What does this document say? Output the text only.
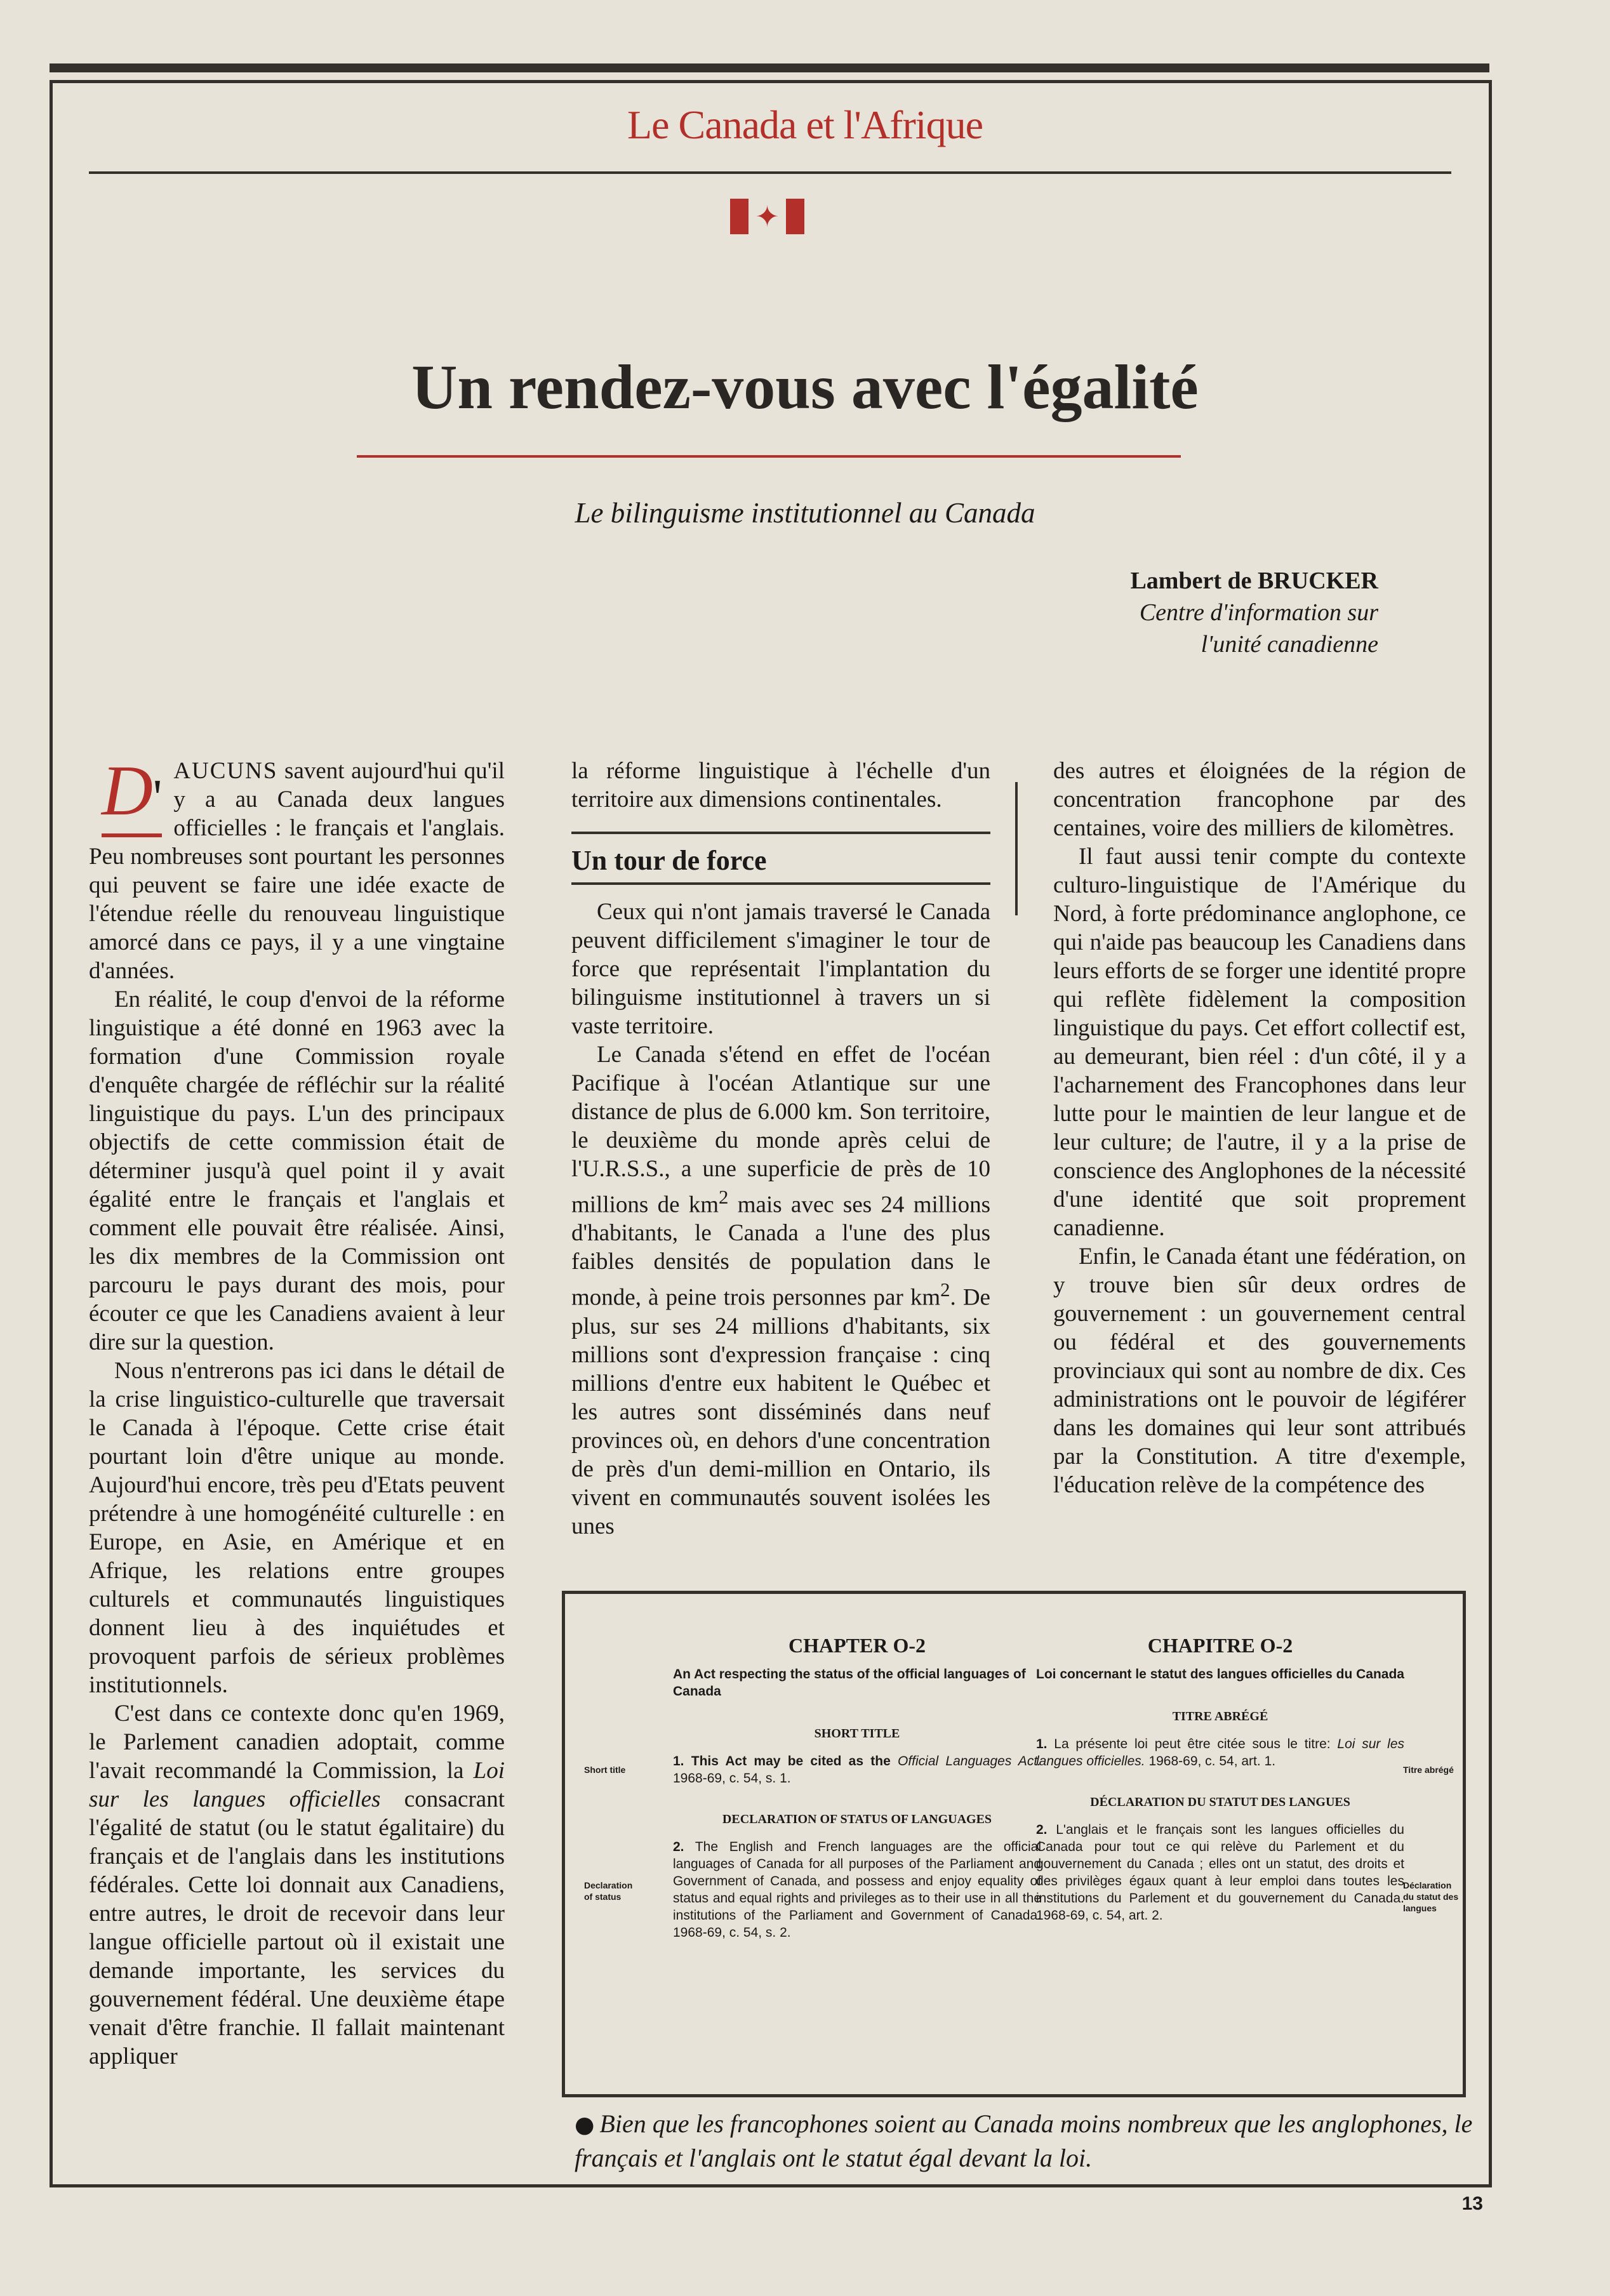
Le Canada et l'Afrique
✦
Un rendez-vous avec l'égalité
Le bilinguisme institutionnel au Canada
Lambert de BRUCKER
Centre d'information sur
l'unité canadienne

D' AUCUNS savent aujourd'hui qu'il y a au Canada deux langues officielles : le français et l'anglais. Peu nombreuses sont pourtant les personnes qui peuvent se faire une idée exacte de l'étendue réelle du renouveau linguistique amorcé dans ce pays, il y a une vingtaine d'années.

En réalité, le coup d'envoi de la réforme linguistique a été donné en 1963 avec la formation d'une Commission royale d'enquête chargée de réfléchir sur la réalité linguistique du pays. L'un des principaux objectifs de cette commission était de déterminer jusqu'à quel point il y avait égalité entre le français et l'anglais et comment elle pouvait être réalisée. Ainsi, les dix membres de la Commission ont parcouru le pays durant des mois, pour écouter ce que les Canadiens avaient à leur dire sur la question.

Nous n'entrerons pas ici dans le détail de la crise linguistico-culturelle que traversait le Canada à l'époque. Cette crise était pourtant loin d'être unique au monde. Aujourd'hui encore, très peu d'Etats peuvent prétendre à une homogénéité culturelle : en Europe, en Asie, en Amérique et en Afrique, les relations entre groupes culturels et communautés linguistiques donnent lieu à des inquiétudes et provoquent parfois de sérieux problèmes institutionnels.

C'est dans ce contexte donc qu'en 1969, le Parlement canadien adoptait, comme l'avait recommandé la Commission, la Loi sur les langues officielles consacrant l'égalité de statut (ou le statut égalitaire) du français et de l'anglais dans les institutions fédérales. Cette loi donnait aux Canadiens, entre autres, le droit de recevoir dans leur langue officielle partout où il existait une demande importante, les services du gouvernement fédéral. Une deuxième étape venait d'être franchie. Il fallait maintenant appliquer

la réforme linguistique à l'échelle d'un territoire aux dimensions continentales.

Un tour de force

Ceux qui n'ont jamais traversé le Canada peuvent difficilement s'imaginer le tour de force que représentait l'implantation du bilinguisme institutionnel à travers un si vaste territoire.

Le Canada s'étend en effet de l'océan Pacifique à l'océan Atlantique sur une distance de plus de 6.000 km. Son territoire, le deuxième du monde après celui de l'U.R.S.S., a une superficie de près de 10 millions de $km^2$ mais avec ses 24 millions d'habitants, le Canada a l'une des plus faibles densités de population dans le monde, à peine trois personnes par $km^2$. De plus, sur ses 24 millions d'habitants, six millions sont d'expression française : cinq millions d'entre eux habitent le Québec et les autres sont disséminés dans neuf provinces où, en dehors d'une concentration de près d'un demi-million en Ontario, ils vivent en communautés souvent isolées les unes

des autres et éloignées de la région de concentration francophone par des centaines, voire des milliers de kilomètres.

Il faut aussi tenir compte du contexte culturo-linguistique de l'Amérique du Nord, à forte prédominance anglophone, ce qui n'aide pas beaucoup les Canadiens dans leurs efforts de se forger une identité propre qui reflète fidèlement la composition linguistique du pays. Cet effort collectif est, au demeurant, bien réel : d'un côté, il y a l'acharnement des Francophones dans leur lutte pour le maintien de leur langue et de leur culture; de l'autre, il y a la prise de conscience des Anglophones de la nécessité d'une identité que soit proprement canadienne.

Enfin, le Canada étant une fédération, on y trouve bien sûr deux ordres de gouvernement : un gouvernement central ou fédéral et des gouvernements provinciaux qui sont au nombre de dix. Ces administrations ont le pouvoir de légiférer dans les domaines qui leur sont attribués par la Constitution. A titre d'exemple, l'éducation relève de la compétence des

Short title
Declaration of status
CHAPTER O-2
An Act respecting the status of the official languages of Canada
SHORT TITLE
1. This Act may be cited as the Official Languages Act. 1968-69, c. 54, s. 1.
DECLARATION OF STATUS OF LANGUAGES
2. The English and French languages are the official languages of Canada for all purposes of the Parliament and Government of Canada, and possess and enjoy equality of status and equal rights and privileges as to their use in all the institutions of the Parliament and Government of Canada. 1968-69, c. 54, s. 2.
CHAPITRE O-2
Loi concernant le statut des langues officielles du Canada
TITRE ABRÉGÉ
1. La présente loi peut être citée sous le titre: Loi sur les langues officielles. 1968-69, c. 54, art. 1.
DÉCLARATION DU STATUT DES LANGUES
2. L'anglais et le français sont les langues officielles du Canada pour tout ce qui relève du Parlement et du gouvernement du Canada ; elles ont un statut, des droits et des privilèges égaux quant à leur emploi dans toutes les institutions du Parlement et du gouvernement du Canada. 1968-69, c. 54, art. 2.
Titre abrégé
Déclaration du statut des langues
● Bien que les francophones soient au Canada moins nombreux que les anglophones, le français et l'anglais ont le statut égal devant la loi.
13
